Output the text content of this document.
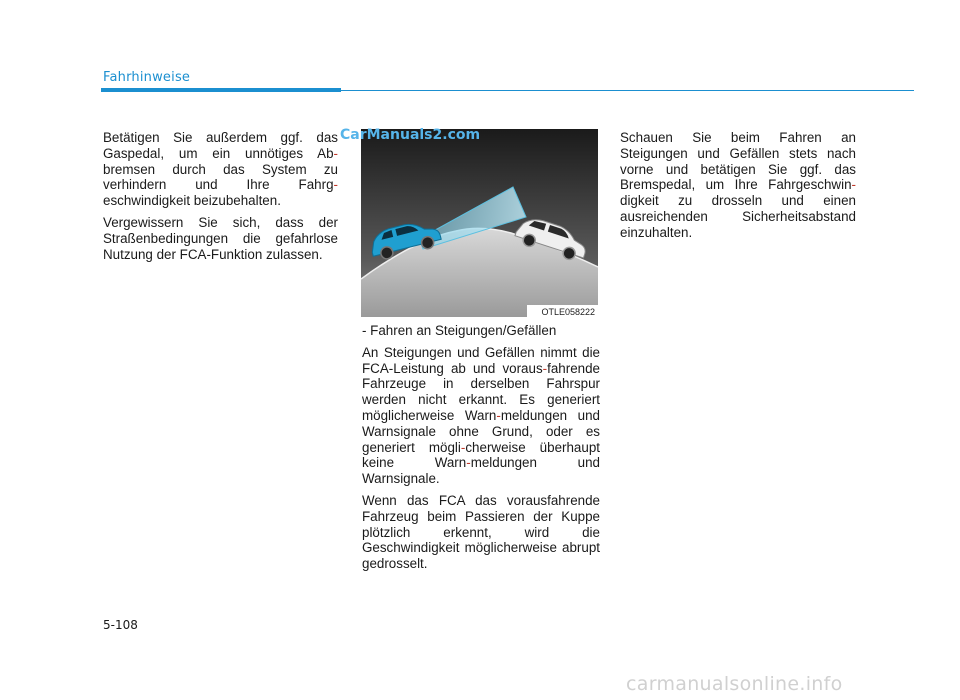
Fahrhinweise

Betätigen Sie außerdem ggf. das Gaspedal, um ein unnötiges Ab-bremsen durch das System zu verhindern und Ihre Fahrg-eschwindigkeit beizubehalten.

Vergewissern Sie sich, dass der Straßenbedingungen die gefahrlose Nutzung der FCA-Funktion zulassen.

OTLE058222
CarManuals2.com

- Fahren an Steigungen/Gefällen

An Steigungen und Gefällen nimmt die FCA-Leistung ab und voraus-fahrende Fahrzeuge in derselben Fahrspur werden nicht erkannt. Es generiert möglicherweise Warn-meldungen und Warnsignale ohne Grund, oder es generiert mögli-cherweise überhaupt keine Warn-meldungen und Warnsignale.

Wenn das FCA das vorausfahrende Fahrzeug beim Passieren der Kuppe plötzlich erkennt, wird die Geschwindigkeit möglicherweise abrupt gedrosselt.

Schauen Sie beim Fahren an Steigungen und Gefällen stets nach vorne und betätigen Sie ggf. das Bremspedal, um Ihre Fahrgeschwin-digkeit zu drosseln und einen ausreichenden Sicherheitsabstand einzuhalten.

5-108
carmanualsonline.info
